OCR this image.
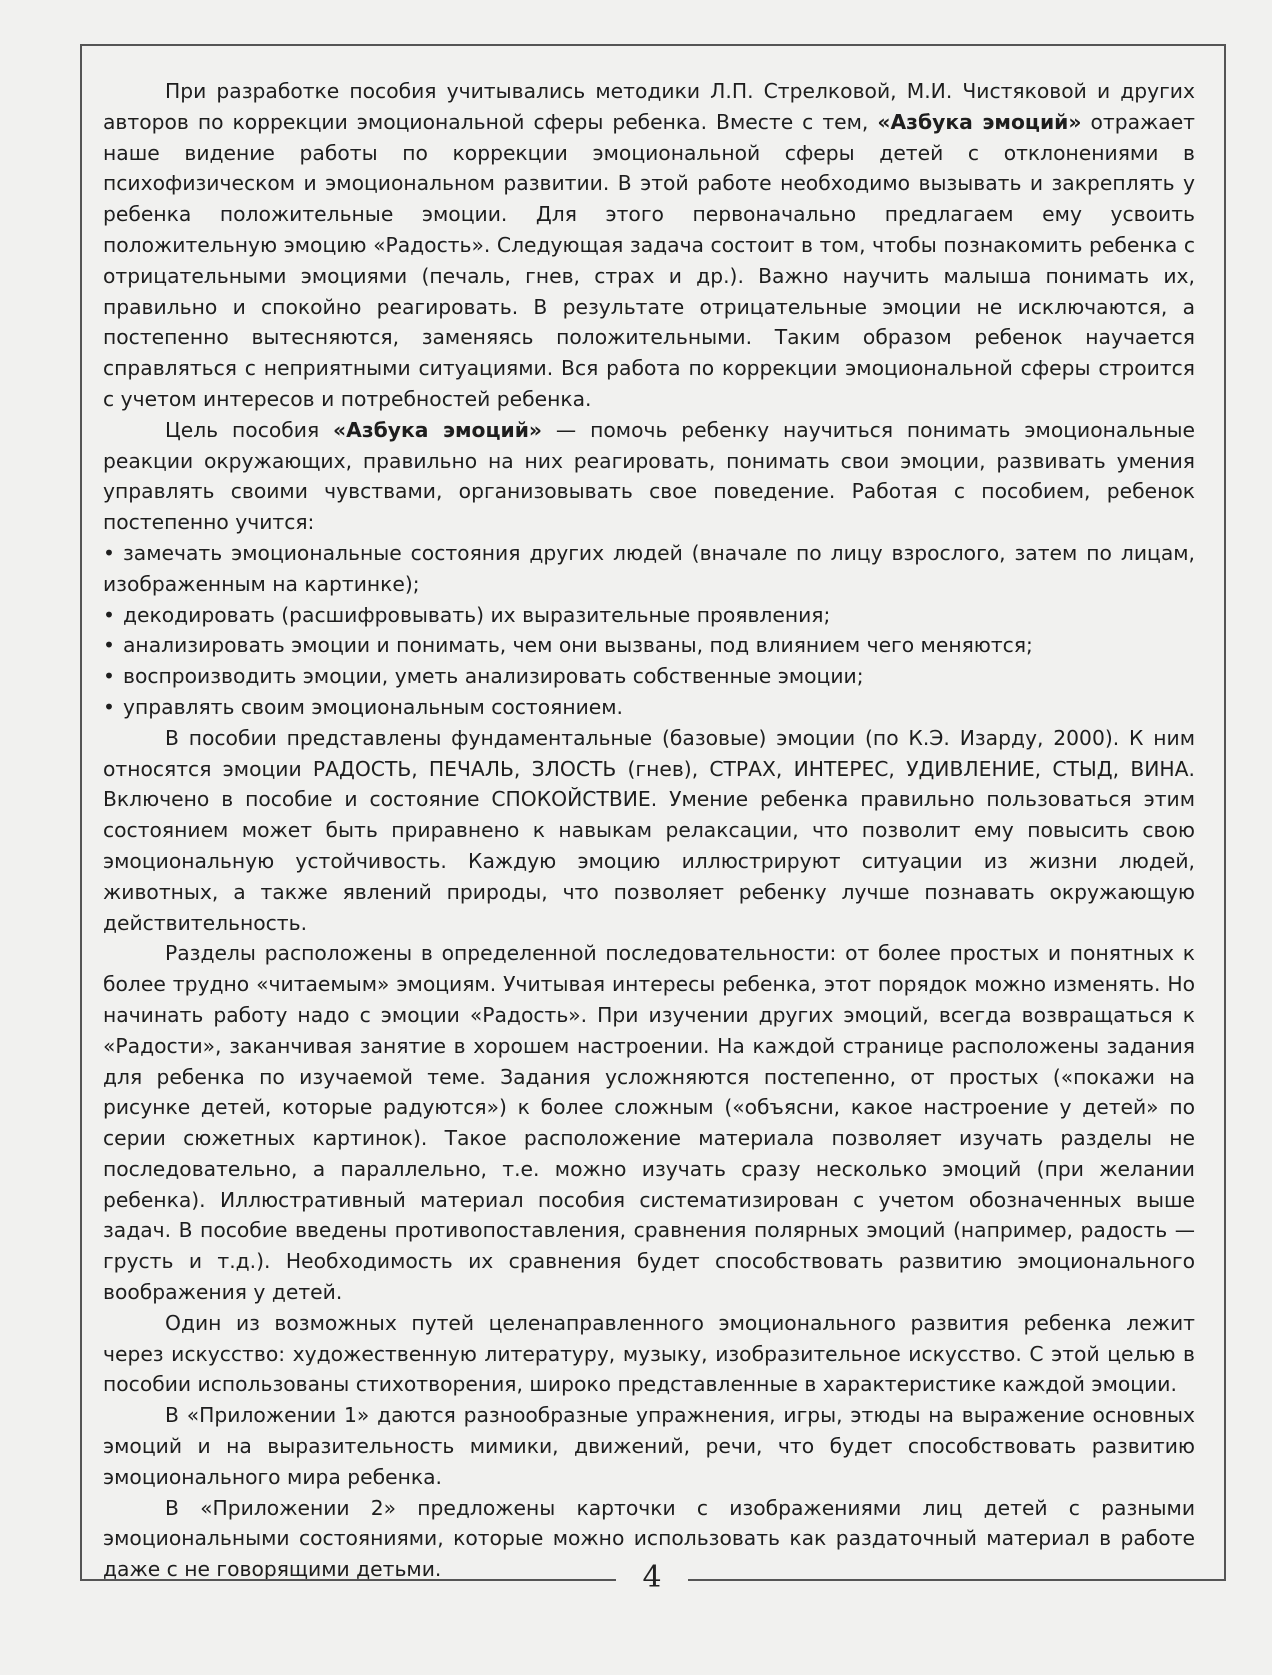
При разработке пособия учитывались методики Л.П. Стрелковой, М.И. Чистяковой и других авторов по коррекции эмоциональной сферы ребенка. Вместе с тем, «Азбука эмоций» отражает наше видение работы по коррекции эмоциональной сферы детей с отклонениями в психофизическом и эмоциональном развитии. В этой работе необходимо вызывать и закреплять у ребенка положительные эмоции. Для этого первоначально предлагаем ему усвоить положительную эмоцию «Радость». Следующая задача состоит в том, чтобы познакомить ребенка с отрицательными эмоциями (печаль, гнев, страх и др.). Важно научить малыша понимать их, правильно и спокойно реагировать. В результате отрицательные эмоции не исключаются, а постепенно вытесняются, заменяясь положительными. Таким образом ребенок научается справляться с неприятными ситуациями. Вся работа по коррекции эмоциональной сферы строится с учетом интересов и потребностей ребенка.

Цель пособия «Азбука эмоций» — помочь ребенку научиться понимать эмоциональные реакции окружающих, правильно на них реагировать, понимать свои эмоции, развивать умения управлять своими чувствами, организовывать свое поведение. Работая с пособием, ребенок постепенно учится:

• замечать эмоциональные состояния других людей (вначале по лицу взрослого, затем по лицам, изображенным на картинке);
• декодировать (расшифровывать) их выразительные проявления;
• анализировать эмоции и понимать, чем они вызваны, под влиянием чего меняются;
• воспроизводить эмоции, уметь анализировать собственные эмоции;
• управлять своим эмоциональным состоянием.

В пособии представлены фундаментальные (базовые) эмоции (по К.Э. Изарду, 2000). К ним относятся эмоции РАДОСТЬ, ПЕЧАЛЬ, ЗЛОСТЬ (гнев), СТРАХ, ИНТЕРЕС, УДИВЛЕНИЕ, СТЫД, ВИНА. Включено в пособие и состояние СПОКОЙСТВИЕ. Умение ребенка правильно пользоваться этим состоянием может быть приравнено к навыкам релаксации, что позволит ему повысить свою эмоциональную устойчивость. Каждую эмоцию иллюстрируют ситуации из жизни людей, животных, а также явлений природы, что позволяет ребенку лучше познавать окружающую действительность.

Разделы расположены в определенной последовательности: от более простых и понятных к более трудно «читаемым» эмоциям. Учитывая интересы ребенка, этот порядок можно изменять. Но начинать работу надо с эмоции «Радость». При изучении других эмоций, всегда возвращаться к «Радости», заканчивая занятие в хорошем настроении. На каждой странице расположены задания для ребенка по изучаемой теме. Задания усложняются постепенно, от простых («покажи на рисунке детей, которые радуются») к более сложным («объясни, какое настроение у детей» по серии сюжетных картинок). Такое расположение материала позволяет изучать разделы не последовательно, а параллельно, т.е. можно изучать сразу несколько эмоций (при желании ребенка). Иллюстративный материал пособия систематизирован с учетом обозначенных выше задач. В пособие введены противопоставления, сравнения полярных эмоций (например, радость — грусть и т.д.). Необходимость их сравнения будет способствовать развитию эмоционального воображения у детей.

Один из возможных путей целенаправленного эмоционального развития ребенка лежит через искусство: художественную литературу, музыку, изобразительное искусство. С этой целью в пособии использованы стихотворения, широко представленные в характеристике каждой эмоции.

В «Приложении 1» даются разнообразные упражнения, игры, этюды на выражение основных эмоций и на выразительность мимики, движений, речи, что будет способствовать развитию эмоционального мира ребенка.

В «Приложении 2» предложены карточки с изображениями лиц детей с разными эмоциональными состояниями, которые можно использовать как раздаточный материал в работе даже с не говорящими детьми.	4
